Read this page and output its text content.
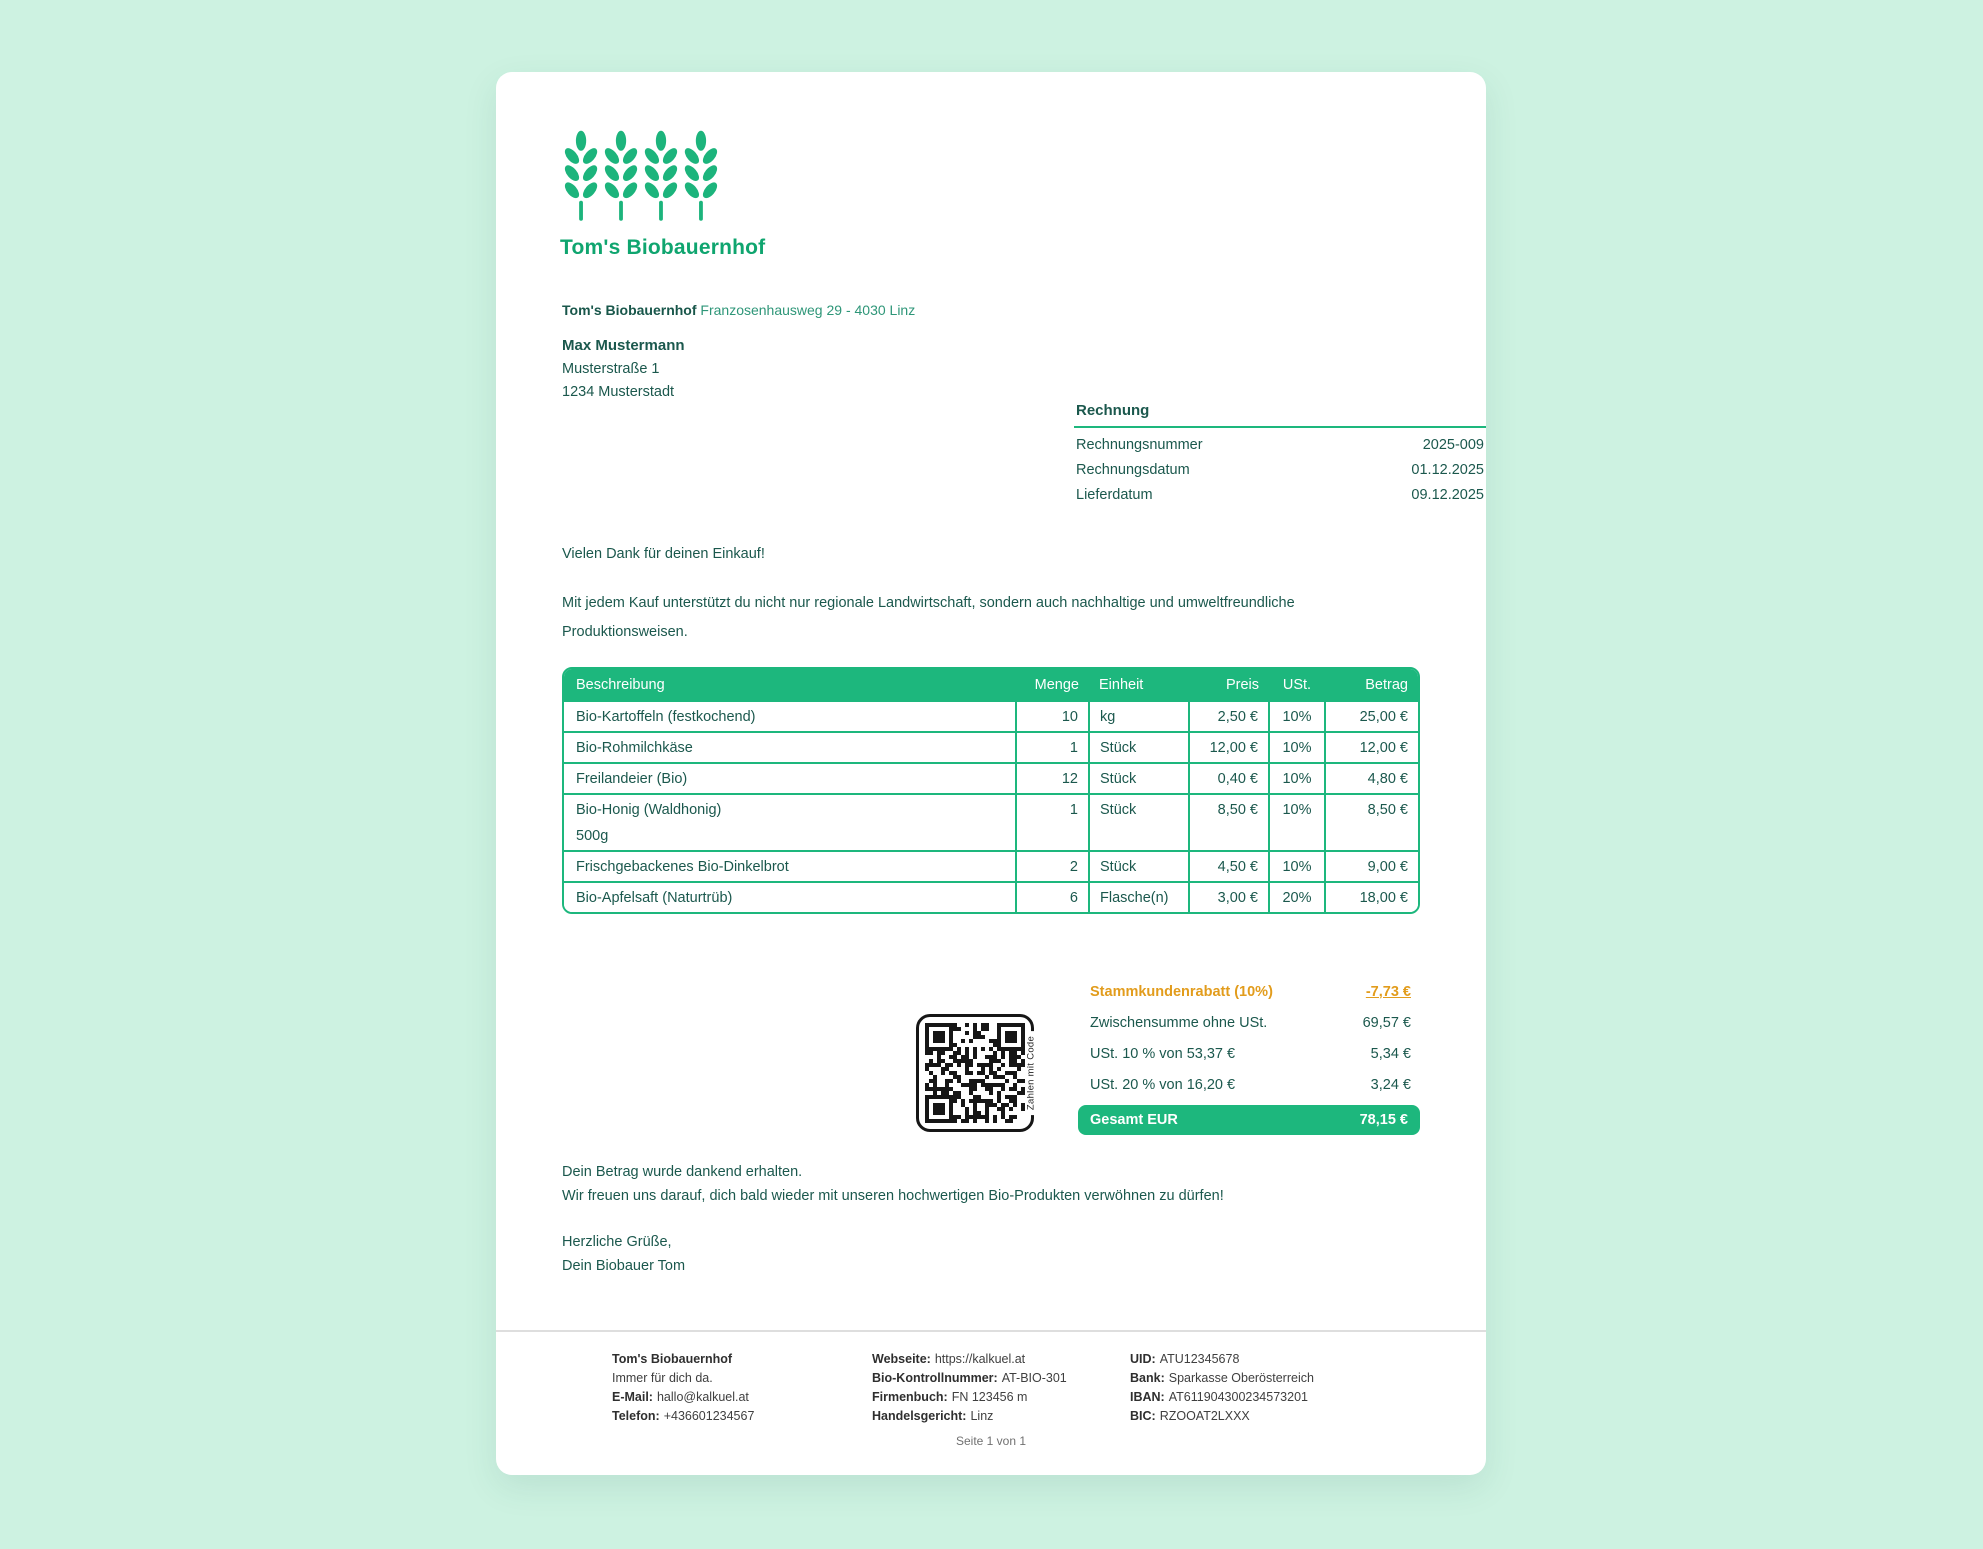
Tom's Biobauernhof
Tom's Biobauernhof Franzosenhausweg 29 - 4030 Linz
Max Mustermann
Musterstraße 1
1234 Musterstadt
Rechnung
Rechnungsnummer	2025-009
Rechnungsdatum	01.12.2025
Lieferdatum	09.12.2025
Vielen Dank für deinen Einkauf!
Mit jedem Kauf unterstützt du nicht nur regionale Landwirtschaft, sondern auch nachhaltige und umweltfreundliche Produktionsweisen.
Beschreibung	Menge	Einheit	Preis	USt.	Betrag

Bio-Kartoffeln (festkochend)	10	kg	2,50 €	10%	25,00 €

Bio-Rohmilchkäse	1	Stück	12,00 €	10%	12,00 €

Freilandeier (Bio)	12	Stück	0,40 €	10%	4,80 €

Bio-Honig (Waldhonig)
500g	1	Stück	8,50 €	10%	8,50 €

Frischgebackenes Bio-Dinkelbrot	2	Stück	4,50 €	10%	9,00 €

Bio-Apfelsaft (Naturtrüb)	6	Flasche(n)	3,00 €	20%	18,00 €
Zahlen mit Code
Stammkundenrabatt (10%)	-7,73 €
Zwischensumme ohne USt.	69,57 €
USt. 10 % von 53,37 €	5,34 €
USt. 20 % von 16,20 €	3,24 €
Gesamt EUR	78,15 €
Dein Betrag wurde dankend erhalten.
Wir freuen uns darauf, dich bald wieder mit unseren hochwertigen Bio-Produkten verwöhnen zu dürfen!
Herzliche Grüße,
Dein Biobauer Tom
Tom's Biobauernhof
Immer für dich da.
E-Mail: hallo@kalkuel.at
Telefon: +436601234567
Webseite: https://kalkuel.at
Bio-Kontrollnummer: AT-BIO-301
Firmenbuch: FN 123456 m
Handelsgericht: Linz
UID: ATU12345678
Bank: Sparkasse Oberösterreich
IBAN: AT611904300234573201
BIC: RZOOAT2LXXX
Seite 1 von 1
